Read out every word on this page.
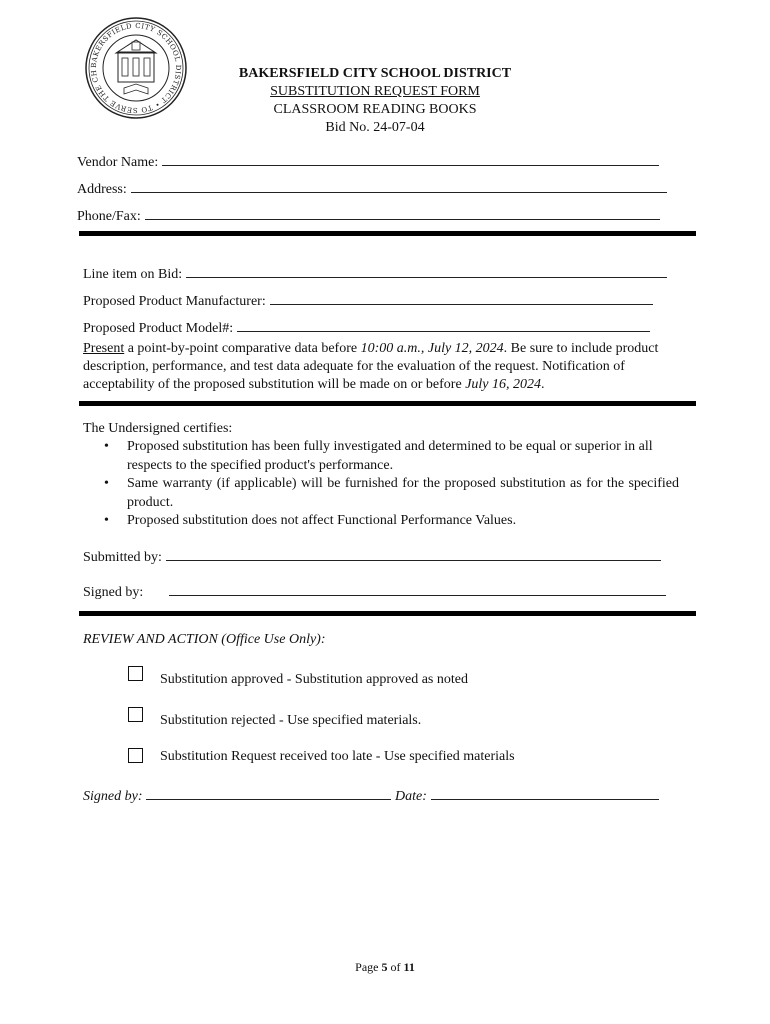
BAKERSFIELD CITY SCHOOL DISTRICT • TO SERVE THE CH	BAKERSFIELD CITY SCHOOL DISTRICT
SUBSTITUTION REQUEST FORM
CLASSROOM READING BOOKS
Bid No. 24-07-04
Vendor Name:
Address:
Phone/Fax:
Line item on Bid:
Proposed Product Manufacturer:
Proposed Product Model#:
Present a point-by-point comparative data before 10:00 a.m., July 12, 2024. Be sure to include product description, performance, and test data adequate for the evaluation of the request. Notification of acceptability of the proposed substitution will be made on or before July 16, 2024.
The Undersigned certifies:

• Proposed substitution has been fully investigated and determined to be equal or superior in all respects to the specified product's performance.

• Same warranty (if applicable) will be furnished for the proposed substitution as for the specified product.

• Proposed substitution does not affect Functional Performance Values.

Submitted by:
Signed by:
REVIEW AND ACTION (Office Use Only):
Substitution approved - Substitution approved as noted
Substitution rejected - Use specified materials.
Substitution Request received too late - Use specified materials
Signed by:	Date:
Page 5 of 11
